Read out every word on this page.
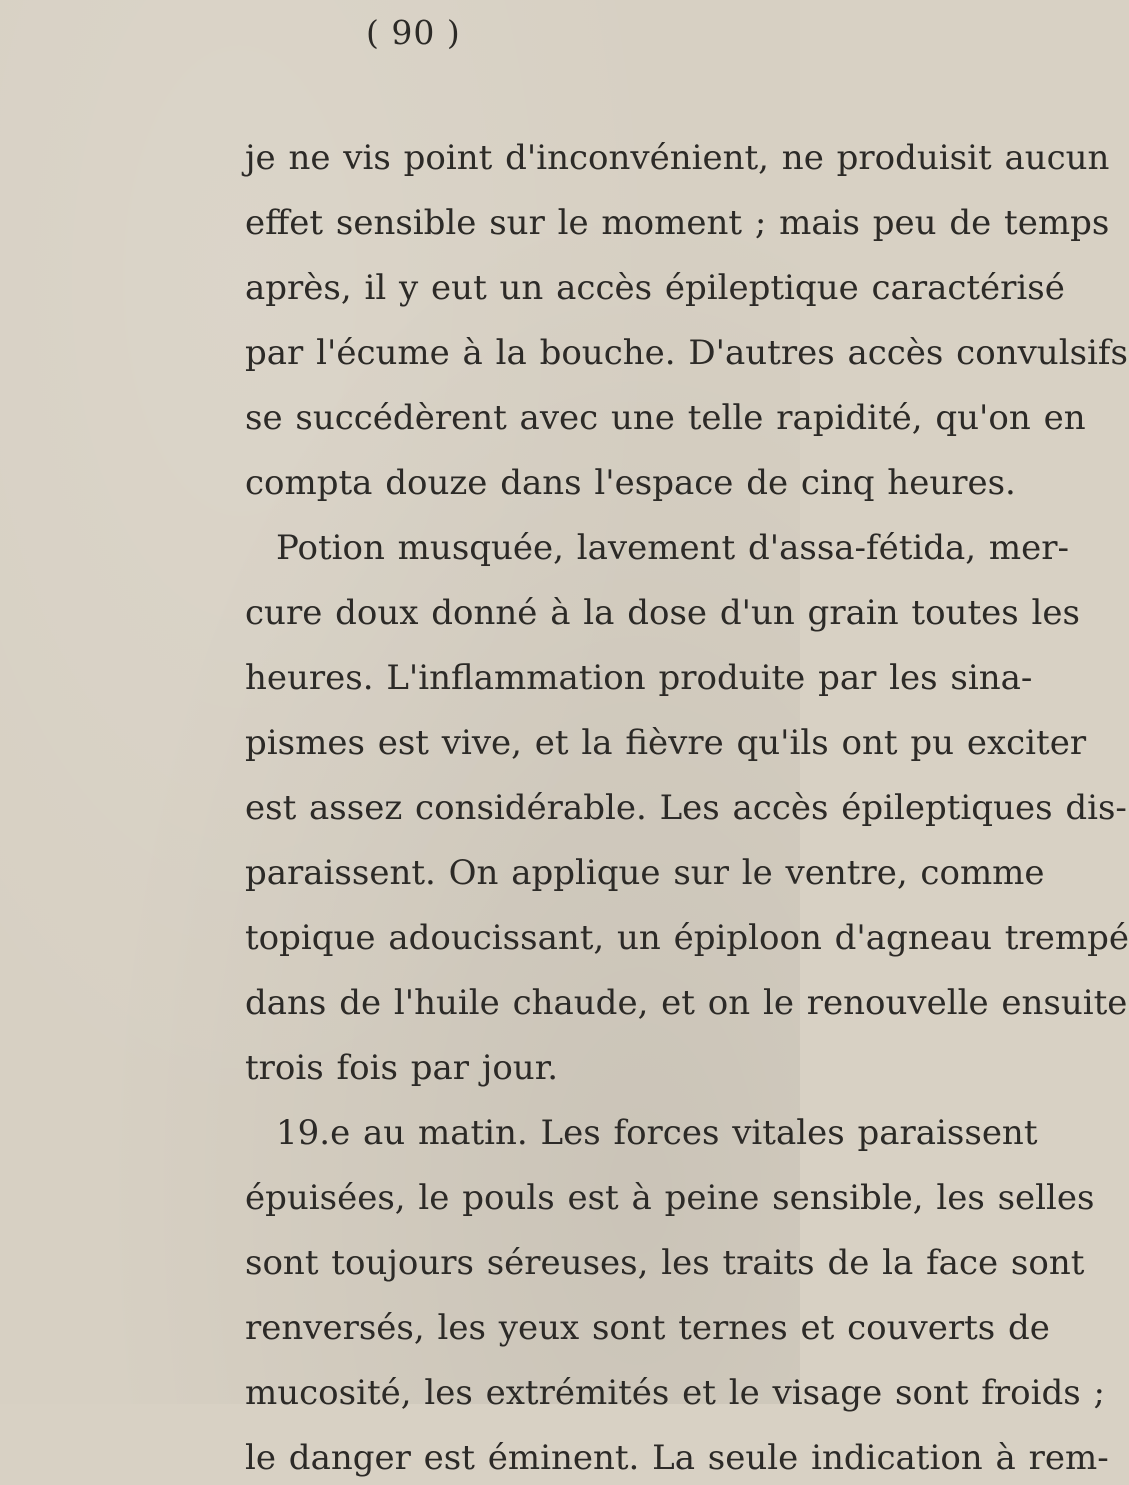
( 90 )
je ne vis point d'inconvénient, ne produisit aucun
effet sensible sur le moment ; mais peu de temps
après, il y eut un accès épileptique caractérisé
par l'écume à la bouche. D'autres accès convulsifs
se succédèrent avec une telle rapidité, qu'on en
compta douze dans l'espace de cinq heures.
Potion musquée, lavement d'assa-fétida, mer-
cure doux donné à la dose d'un grain toutes les
heures. L'inflammation produite par les sina-
pismes est vive, et la fièvre qu'ils ont pu exciter
est assez considérable. Les accès épileptiques dis-
paraissent. On applique sur le ventre, comme
topique adoucissant, un épiploon d'agneau trempé
dans de l'huile chaude, et on le renouvelle ensuite
trois fois par jour.
19.e au matin. Les forces vitales paraissent
épuisées, le pouls est à peine sensible, les selles
sont toujours séreuses, les traits de la face sont
renversés, les yeux sont ternes et couverts de
mucosité, les extrémités et le visage sont froids ;
le danger est éminent. La seule indication à rem-
